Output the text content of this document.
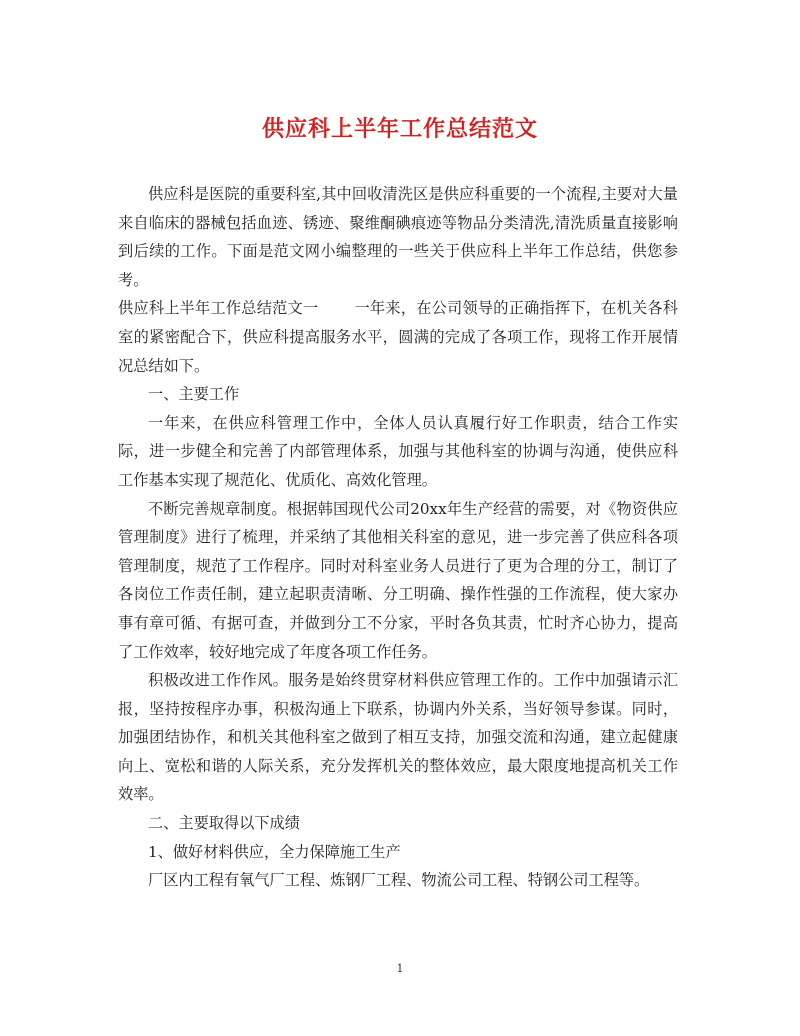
供应科上半年工作总结范文

供应科是医院的重要科室,其中回收清洗区是供应科重要的一个流程,主要对大量来自临床的器械包括血迹、锈迹、聚维酮碘痕迹等物品分类清洗,清洗质量直接影响到后续的工作。下面是范文网小编整理的一些关于供应科上半年工作总结，供您参考。

供应科上半年工作总结范文一 一年来，在公司领导的正确指挥下，在机关各科室的紧密配合下，供应科提高服务水平，圆满的完成了各项工作，现将工作开展情况总结如下。

一、主要工作

一年来，在供应科管理工作中，全体人员认真履行好工作职责，结合工作实际，进一步健全和完善了内部管理体系，加强与其他科室的协调与沟通，使供应科工作基本实现了规范化、优质化、高效化管理。

不断完善规章制度。根据韩国现代公司20xx年生产经营的需要，对《物资供应管理制度》进行了梳理，并采纳了其他相关科室的意见，进一步完善了供应科各项管理制度，规范了工作程序。同时对科室业务人员进行了更为合理的分工，制订了各岗位工作责任制，建立起职责清晰、分工明确、操作性强的工作流程，使大家办事有章可循、有据可查，并做到分工不分家，平时各负其责，忙时齐心协力，提高了工作效率，较好地完成了年度各项工作任务。

积极改进工作作风。服务是始终贯穿材料供应管理工作的。工作中加强请示汇报，坚持按程序办事，积极沟通上下联系，协调内外关系，当好领导参谋。同时，加强团结协作，和机关其他科室之做到了相互支持，加强交流和沟通，建立起健康向上、宽松和谐的人际关系，充分发挥机关的整体效应，最大限度地提高机关工作效率。

二、主要取得以下成绩

1、做好材料供应，全力保障施工生产

厂区内工程有氧气厂工程、炼钢厂工程、物流公司工程、特钢公司工程等。

1
